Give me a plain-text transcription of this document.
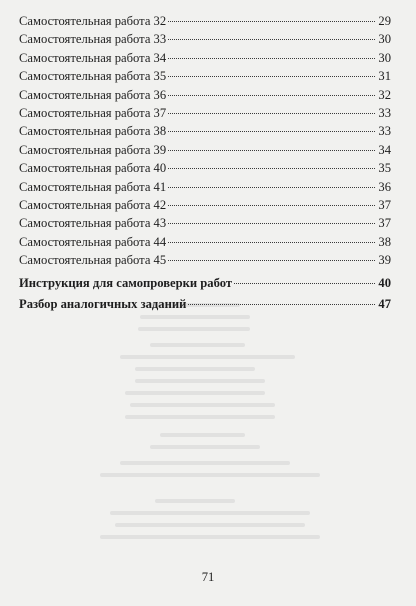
Самостоятельная работа 32	29
Самостоятельная работа 33	30
Самостоятельная работа 34	30
Самостоятельная работа 35	31
Самостоятельная работа 36	32
Самостоятельная работа 37	33
Самостоятельная работа 38	33
Самостоятельная работа 39	34
Самостоятельная работа 40	35
Самостоятельная работа 41	36
Самостоятельная работа 42	37
Самостоятельная работа 43	37
Самостоятельная работа 44	38
Самостоятельная работа 45	39
Инструкция для самопроверки работ	40
Разбор аналогичных заданий	47
71
